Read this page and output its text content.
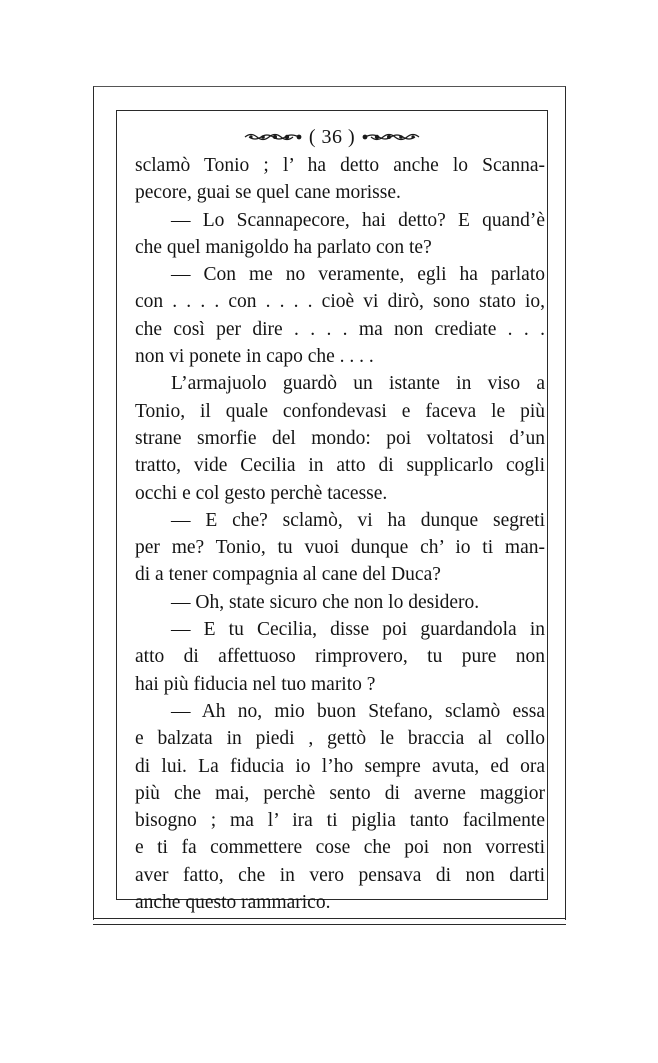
( 36 )
sclamò Tonio ; l’ ha detto anche lo Scanna-
pecore, guai se quel cane morisse.
— Lo Scannapecore, hai detto? E quand’è
che quel manigoldo ha parlato con te?
— Con me no veramente, egli ha parlato
con . . . . con . . . . cioè vi dirò, sono stato io,
che così per dire . . . . ma non crediate . . .
non vi ponete in capo che . . . .
L’armajuolo guardò un istante in viso a
Tonio, il quale confondevasi e faceva le più
strane smorfie del mondo: poi voltatosi d’un
tratto, vide Cecilia in atto di supplicarlo cogli
occhi e col gesto perchè tacesse.
— E che? sclamò, vi ha dunque segreti
per me? Tonio, tu vuoi dunque ch’ io ti man-
di a tener compagnia al cane del Duca?
— Oh, state sicuro che non lo desidero.
— E tu Cecilia, disse poi guardandola in
atto di affettuoso rimprovero, tu pure non
hai più fiducia nel tuo marito ?
— Ah no, mio buon Stefano, sclamò essa
e balzata in piedi , gettò le braccia al collo
di lui. La fiducia io l’ho sempre avuta, ed ora
più che mai, perchè sento di averne maggior
bisogno ; ma l’ ira ti piglia tanto facilmente
e ti fa commettere cose che poi non vorresti
aver fatto, che in vero pensava di non darti
anche questo rammarico.
